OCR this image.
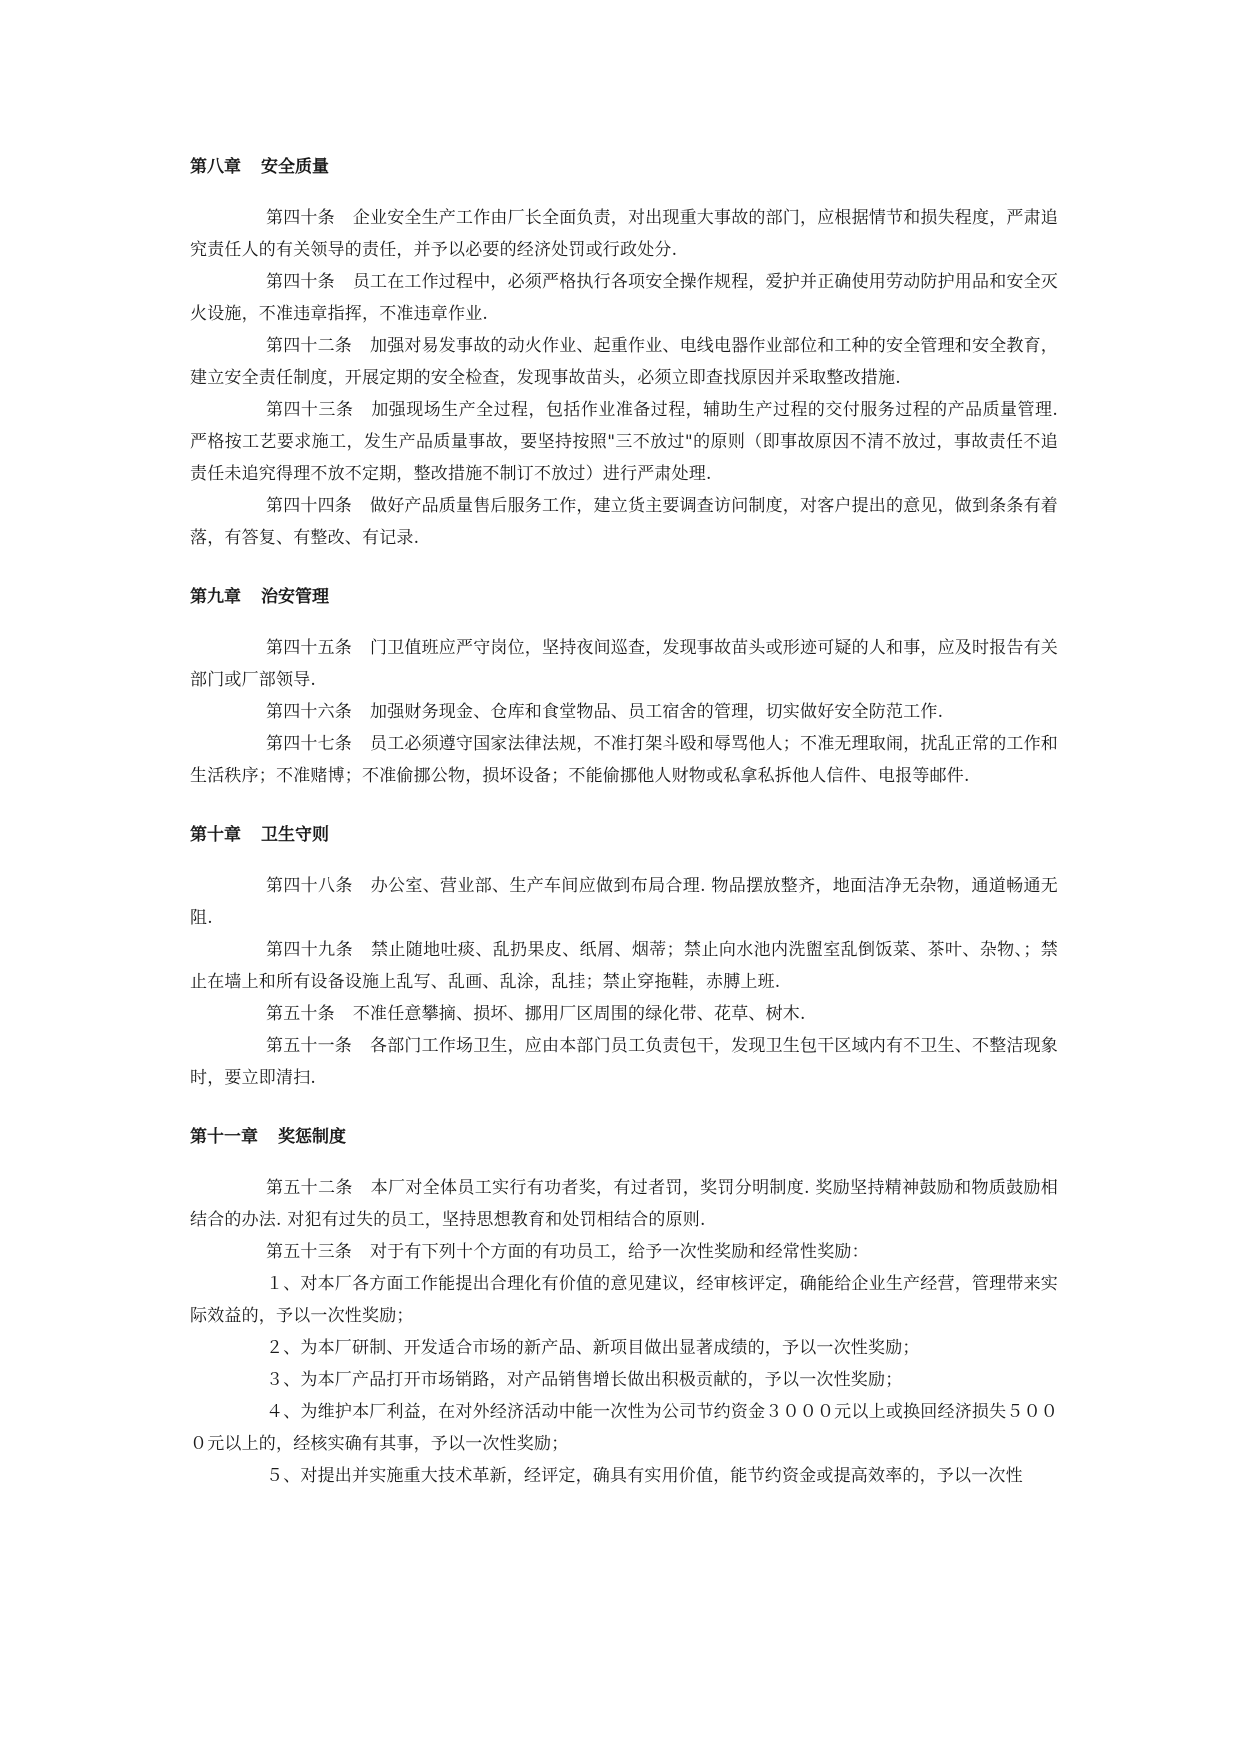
第八章 安全质量

第四十条 企业安全生产工作由厂长全面负责，对出现重大事故的部门，应根据情节和损失程度，严肃追究责任人的有关领导的责任，并予以必要的经济处罚或行政处分.

第四十条 员工在工作过程中，必须严格执行各项安全操作规程，爱护并正确使用劳动防护用品和安全灭火设施，不准违章指挥，不准违章作业.

第四十二条 加强对易发事故的动火作业、起重作业、电线电器作业部位和工种的安全管理和安全教育，建立安全责任制度，开展定期的安全检查，发现事故苗头，必须立即查找原因并采取整改措施.

第四十三条 加强现场生产全过程，包括作业准备过程，辅助生产过程的交付服务过程的产品质量管理. 严格按工艺要求施工，发生产品质量事故，要坚持按照"三不放过"的原则（即事故原因不清不放过，事故责任不追责任未追究得理不放不定期，整改措施不制订不放过）进行严肃处理.

第四十四条 做好产品质量售后服务工作，建立货主要调查访问制度，对客户提出的意见，做到条条有着落，有答复、有整改、有记录.

第九章 治安管理

第四十五条 门卫值班应严守岗位，坚持夜间巡查，发现事故苗头或形迹可疑的人和事，应及时报告有关部门或厂部领导.

第四十六条 加强财务现金、仓库和食堂物品、员工宿舍的管理，切实做好安全防范工作.

第四十七条 员工必须遵守国家法律法规，不准打架斗殴和辱骂他人；不准无理取闹，扰乱正常的工作和生活秩序；不准赌博；不准偷挪公物，损坏设备；不能偷挪他人财物或私拿私拆他人信件、电报等邮件.

第十章 卫生守则

第四十八条 办公室、营业部、生产车间应做到布局合理. 物品摆放整齐，地面洁净无杂物，通道畅通无阻.

第四十九条 禁止随地吐痰、乱扔果皮、纸屑、烟蒂；禁止向水池内洗盥室乱倒饭菜、茶叶、杂物、；禁止在墙上和所有设备设施上乱写、乱画、乱涂，乱挂；禁止穿拖鞋，赤膊上班.

第五十条 不准任意攀摘、损坏、挪用厂区周围的绿化带、花草、树木.

第五十一条 各部门工作场卫生，应由本部门员工负责包干，发现卫生包干区域内有不卫生、不整洁现象时，要立即清扫.

第十一章 奖惩制度

第五十二条 本厂对全体员工实行有功者奖，有过者罚，奖罚分明制度. 奖励坚持精神鼓励和物质鼓励相结合的办法. 对犯有过失的员工，坚持思想教育和处罚相结合的原则.

第五十三条 对于有下列十个方面的有功员工，给予一次性奖励和经常性奖励：

１、对本厂各方面工作能提出合理化有价值的意见建议，经审核评定，确能给企业生产经营，管理带来实际效益的，予以一次性奖励；

２、为本厂研制、开发适合市场的新产品、新项目做出显著成绩的，予以一次性奖励；

３、为本厂产品打开市场销路，对产品销售增长做出积极贡献的，予以一次性奖励；

４、为维护本厂利益，在对外经济活动中能一次性为公司节约资金３０００元以上或换回经济损失５０００元以上的，经核实确有其事，予以一次性奖励；

５、对提出并实施重大技术革新，经评定，确具有实用价值，能节约资金或提高效率的，予以一次性
